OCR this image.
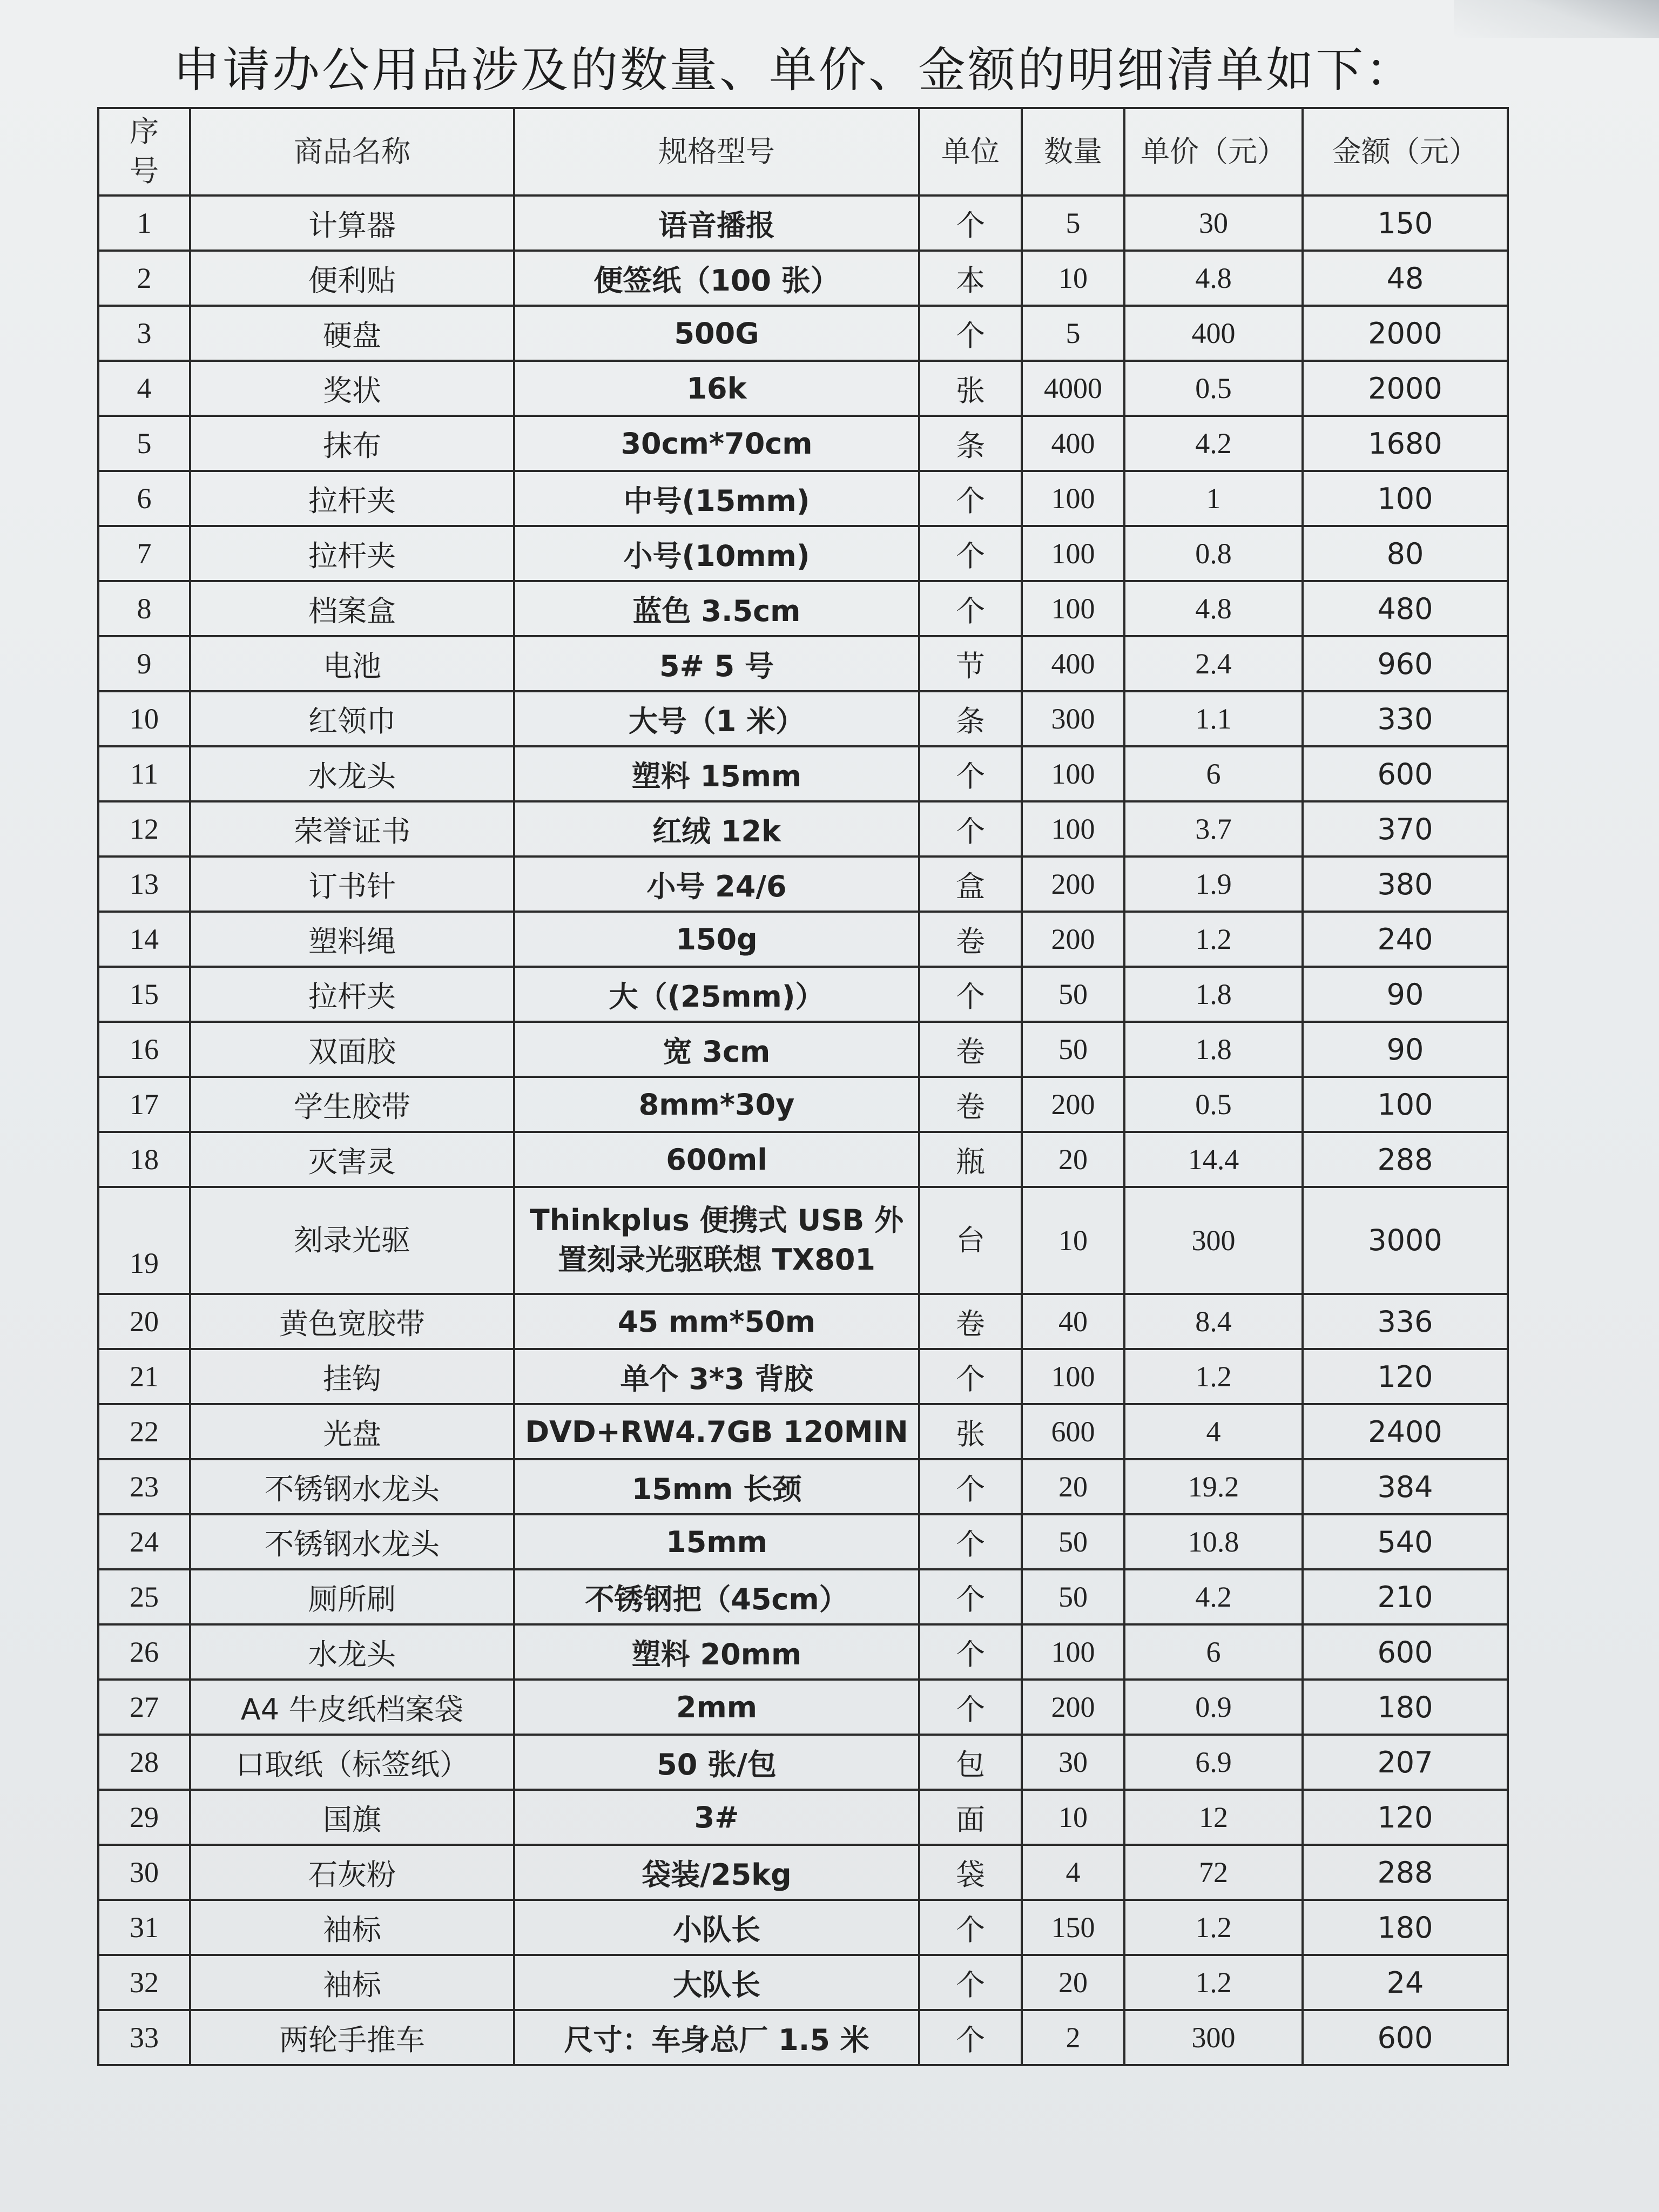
申请办公用品涉及的数量、单价、金额的明细清单如下：
序
号	商品名称	规格型号	单位	数量	单价（元）	金额（元）
1	计算器	语音播报	个	5	30	150
2	便利贴	便签纸（100 张）	本	10	4.8	48
3	硬盘	500G	个	5	400	2000
4	奖状	16k	张	4000	0.5	2000
5	抹布	30cm*70cm	条	400	4.2	1680
6	拉杆夹	中号(15mm)	个	100	1	100
7	拉杆夹	小号(10mm)	个	100	0.8	80
8	档案盒	蓝色 3.5cm	个	100	4.8	480
9	电池	5# 5 号	节	400	2.4	960
10	红领巾	大号（1 米）	条	300	1.1	330
11	水龙头	塑料 15mm	个	100	6	600
12	荣誉证书	红绒 12k	个	100	3.7	370
13	订书针	小号 24/6	盒	200	1.9	380
14	塑料绳	150g	卷	200	1.2	240
15	拉杆夹	大（(25mm)）	个	50	1.8	90
16	双面胶	宽 3cm	卷	50	1.8	90
17	学生胶带	8mm*30y	卷	200	0.5	100
18	灭害灵	600ml	瓶	20	14.4	288
19	刻录光驱	Thinkplus 便携式 USB 外置刻录光驱联想 TX801	台	10	300	3000
20	黄色宽胶带	45 mm*50m	卷	40	8.4	336
21	挂钩	单个 3*3 背胶	个	100	1.2	120
22	光盘	DVD+RW4.7GB 120MIN	张	600	4	2400
23	不锈钢水龙头	15mm 长颈	个	20	19.2	384
24	不锈钢水龙头	15mm	个	50	10.8	540
25	厕所刷	不锈钢把（45cm）	个	50	4.2	210
26	水龙头	塑料 20mm	个	100	6	600
27	A4 牛皮纸档案袋	2mm	个	200	0.9	180
28	口取纸（标签纸）	50 张/包	包	30	6.9	207
29	国旗	3#	面	10	12	120
30	石灰粉	袋装/25kg	袋	4	72	288
31	袖标	小队长	个	150	1.2	180
32	袖标	大队长	个	20	1.2	24
33	两轮手推车	尺寸：车身总厂 1.5 米	个	2	300	600
